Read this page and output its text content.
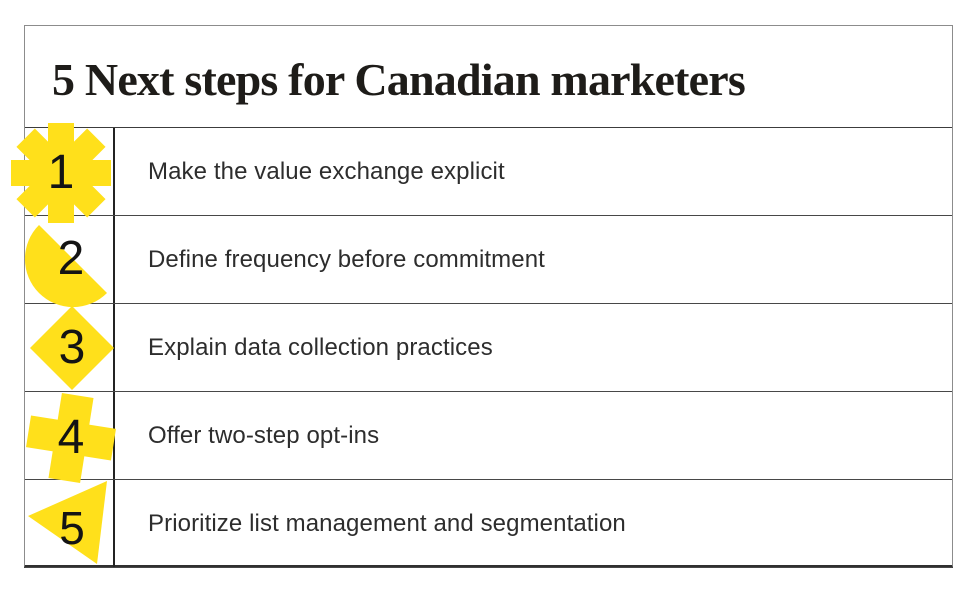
5 Next steps for Canadian marketers
Make the value exchange explicit
Define frequency before commitment
Explain data collection practices
Offer two-step opt-ins
Prioritize list management and segmentation
1
2
3
4
5
